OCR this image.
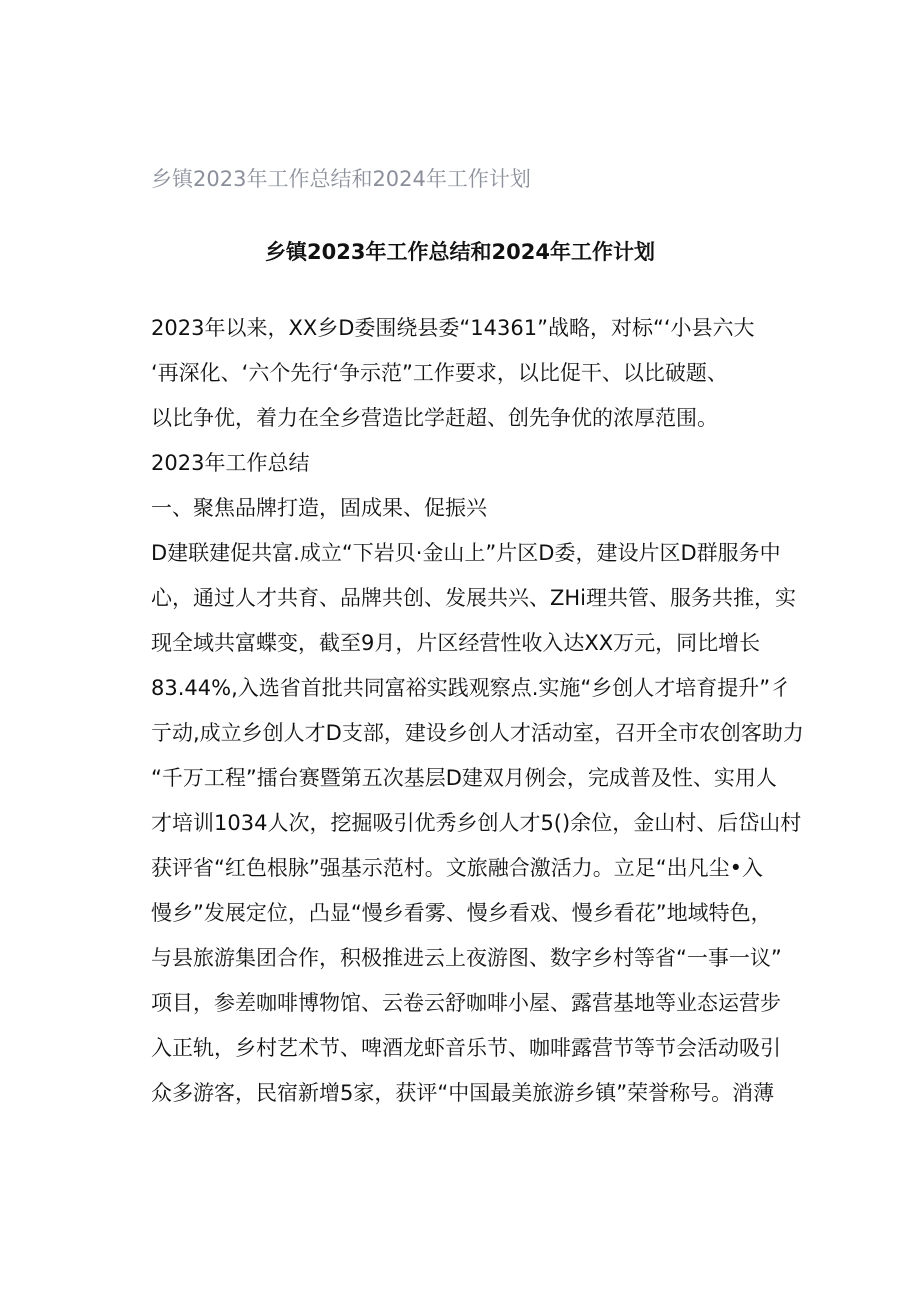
乡镇2023年工作总结和2024年工作计划
乡镇2023年工作总结和2024年工作计划
2023年以来，XX乡D委围绕县委“14361”战略，对标“‘小县六大
‘再深化、‘六个先行‘争示范”工作要求，以比促干、以比破题、
以比争优，着力在全乡营造比学赶超、创先争优的浓厚范围。
2023年工作总结
一、聚焦品牌打造，固成果、促振兴
D建联建促共富.成立“下岩贝·金山上”片区D委，建设片区D群服务中
心，通过人才共育、品牌共创、发展共兴、ZHi理共管、服务共推，实
现全域共富蝶变，截至9月，片区经营性收入达XX万元，同比增长
83.44%,入选省首批共同富裕实践观察点.实施“乡创人才培育提升”彳
亍动,成立乡创人才D支部，建设乡创人才活动室，召开全市农创客助力
“千万工程”擂台赛暨第五次基层D建双月例会，完成普及性、实用人
才培训1034人次，挖掘吸引优秀乡创人才5()余位，金山村、后岱山村
获评省“红色根脉”强基示范村。文旅融合激活力。立足“出凡尘•入
慢乡”发展定位，凸显“慢乡看雾、慢乡看戏、慢乡看花”地域特色，
与县旅游集团合作，积极推进云上夜游图、数字乡村等省“一事一议”
项目，参差咖啡博物馆、云卷云舒咖啡小屋、露营基地等业态运营步
入正轨，乡村艺术节、啤酒龙虾音乐节、咖啡露营节等节会活动吸引
众多游客，民宿新增5家，获评“中国最美旅游乡镇”荣誉称号。消薄
